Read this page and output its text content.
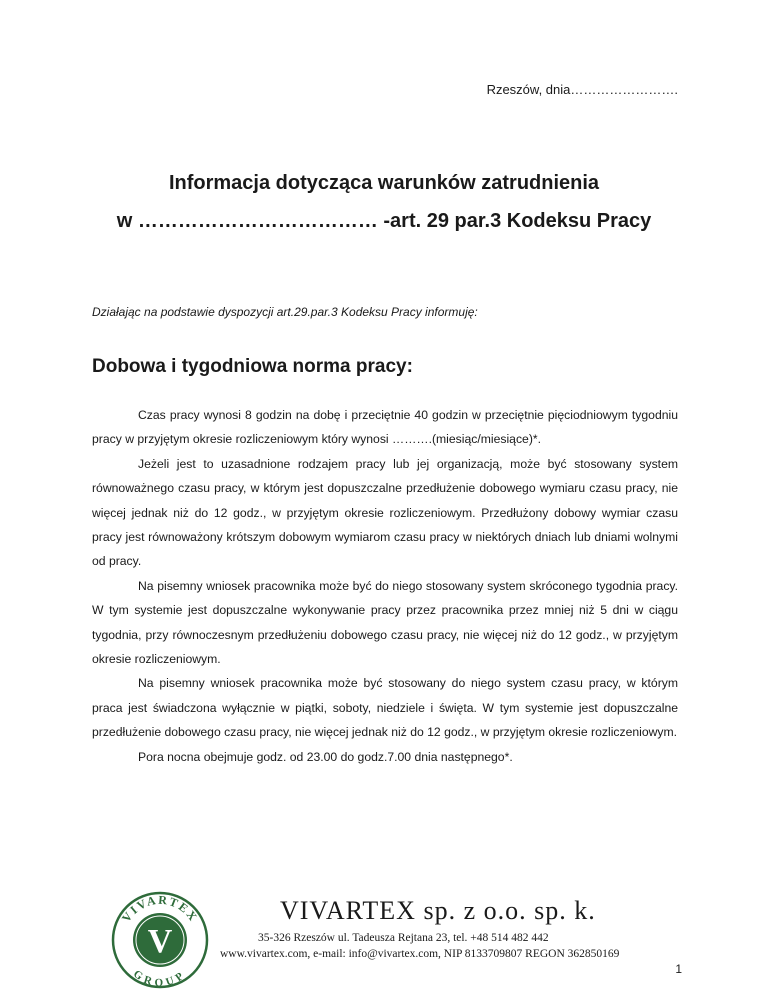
Rzeszów, dnia…………………….
Informacja dotycząca warunków zatrudnienia
w ……………………………… -art. 29 par.3 Kodeksu Pracy
Działając na podstawie dyspozycji art.29.par.3 Kodeksu Pracy informuję:
Dobowa i tygodniowa norma pracy:

Czas pracy wynosi 8 godzin na dobę i przeciętnie 40 godzin w przeciętnie pięciodniowym tygodniu pracy w przyjętym okresie rozliczeniowym który wynosi ……….(miesiąc/miesiące)*.

Jeżeli jest to uzasadnione rodzajem pracy lub jej organizacją, może być stosowany system równoważnego czasu pracy, w którym jest dopuszczalne przedłużenie dobowego wymiaru czasu pracy, nie więcej jednak niż do 12 godz., w przyjętym okresie rozliczeniowym. Przedłużony dobowy wymiar czasu pracy jest równoważony krótszym dobowym wymiarom czasu pracy w niektórych dniach lub dniami wolnymi od pracy.

Na pisemny wniosek pracownika może być do niego stosowany system skróconego tygodnia pracy. W tym systemie jest dopuszczalne wykonywanie pracy przez pracownika przez mniej niż 5 dni w ciągu tygodnia, przy równoczesnym przedłużeniu dobowego czasu pracy, nie więcej niż do 12 godz., w przyjętym okresie rozliczeniowym.

Na pisemny wniosek pracownika może być stosowany do niego system czasu pracy, w którym praca jest świadczona wyłącznie w piątki, soboty, niedziele i święta. W tym systemie jest dopuszczalne przedłużenie dobowego czasu pracy, nie więcej jednak niż do 12 godz., w przyjętym okresie rozliczeniowym.

Pora nocna obejmuje godz. od 23.00 do godz.7.00 dnia następnego*.

V
VIVARTEX
GROUP
VIVARTEX sp. z o.o. sp. k.
35-326 Rzeszów ul. Tadeusza Rejtana 23, tel. +48 514 482 442
www.vivartex.com, e-mail: info@vivartex.com, NIP 8133709807 REGON 362850169
1
